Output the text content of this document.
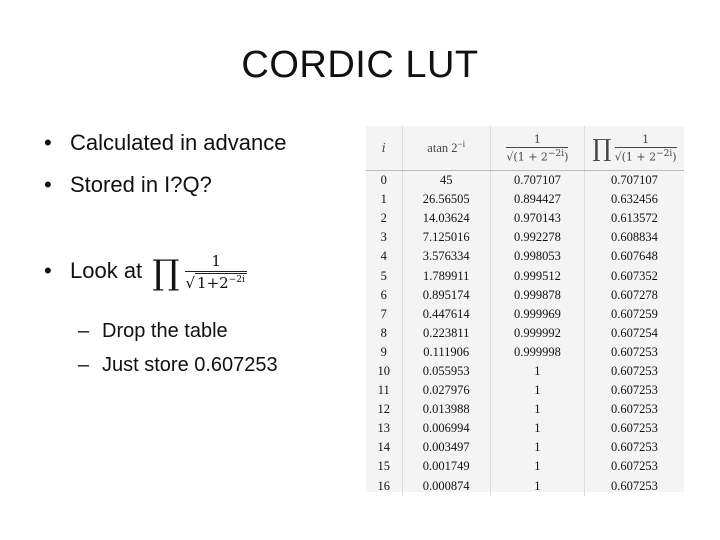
CORDIC LUT
• Calculated in advance
• Stored in I?Q?
• Look at ∏ $\frac{1}{√ 1+2^{-2i}}$
– Drop the table
– Just store 0.607253
i	atan $2^{-i}$	$\frac{1}{√(1 + 2^{-2i})}$	∏ $\frac{1}{√(1 + 2^{-2i})}$

0	45	0.707107	0.707107
1	26.56505	0.894427	0.632456
2	14.03624	0.970143	0.613572
3	7.125016	0.992278	0.608834
4	3.576334	0.998053	0.607648
5	1.789911	0.999512	0.607352
6	0.895174	0.999878	0.607278
7	0.447614	0.999969	0.607259
8	0.223811	0.999992	0.607254
9	0.111906	0.999998	0.607253
10	0.055953	1	0.607253
11	0.027976	1	0.607253
12	0.013988	1	0.607253
13	0.006994	1	0.607253
14	0.003497	1	0.607253
15	0.001749	1	0.607253
16	0.000874	1	0.607253
